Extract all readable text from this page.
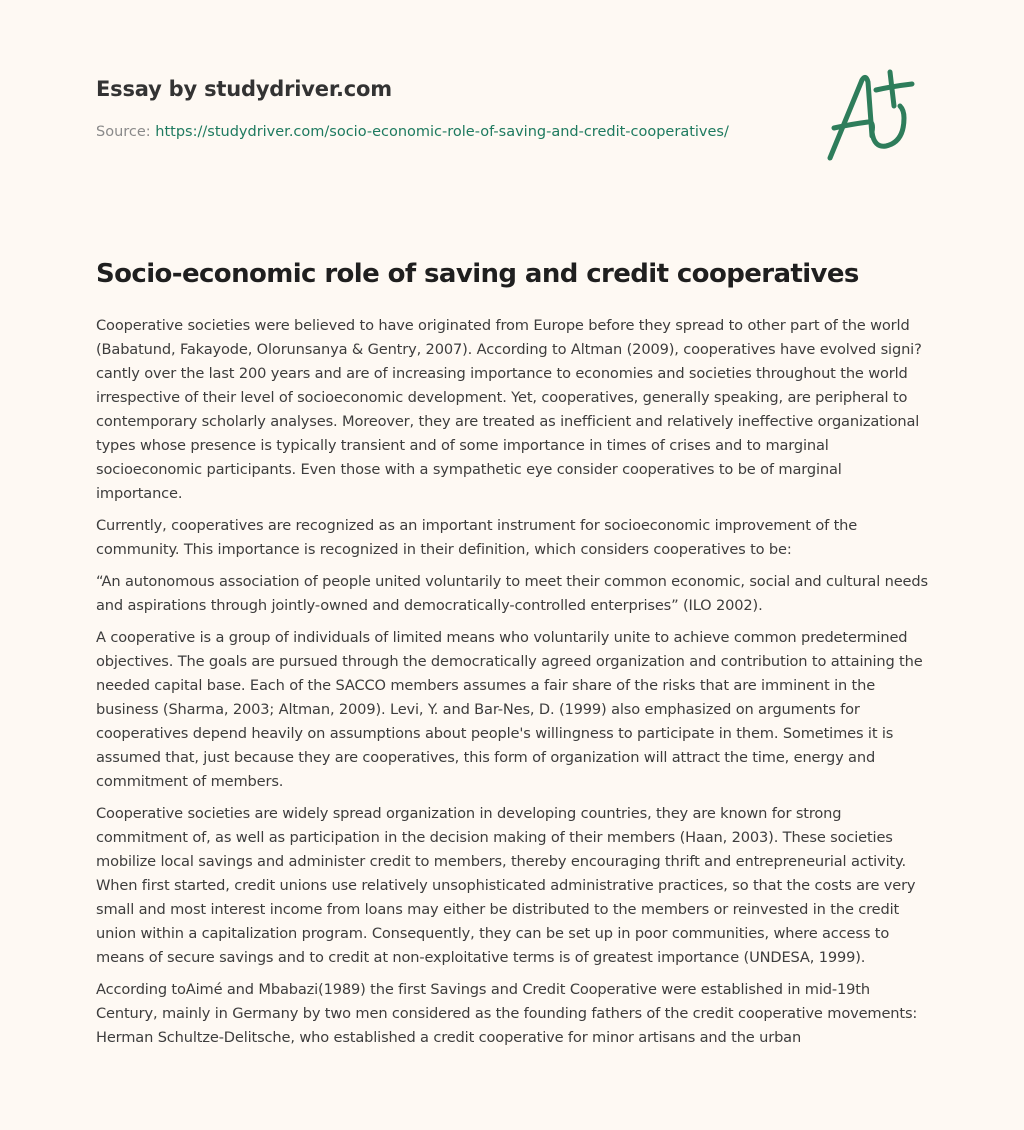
Essay by studydriver.com
Source: https://studydriver.com/socio-economic-role-of-saving-and-credit-cooperatives/
Socio-economic role of saving and credit cooperatives

Cooperative societies were believed to have originated from Europe before they spread to other part of the world (Babatund, Fakayode, Olorunsanya & Gentry, 2007). According to Altman (2009), cooperatives have evolved signi?cantly over the last 200 years and are of increasing importance to economies and societies throughout the world irrespective of their level of socioeconomic development. Yet, cooperatives, generally speaking, are peripheral to contemporary scholarly analyses. Moreover, they are treated as inefficient and relatively ineffective organizational types whose presence is typically transient and of some importance in times of crises and to marginal socioeconomic participants. Even those with a sympathetic eye consider cooperatives to be of marginal importance.

Currently, cooperatives are recognized as an important instrument for socioeconomic improvement of the community. This importance is recognized in their definition, which considers cooperatives to be:

“An autonomous association of people united voluntarily to meet their common economic, social and cultural needs and aspirations through jointly-owned and democratically-controlled enterprises” (ILO 2002).

A cooperative is a group of individuals of limited means who voluntarily unite to achieve common predetermined objectives. The goals are pursued through the democratically agreed organization and contribution to attaining the needed capital base. Each of the SACCO members assumes a fair share of the risks that are imminent in the business (Sharma, 2003; Altman, 2009). Levi, Y. and Bar-Nes, D. (1999) also emphasized on arguments for cooperatives depend heavily on assumptions about people's willingness to participate in them. Sometimes it is assumed that, just because they are cooperatives, this form of organization will attract the time, energy and commitment of members.

Cooperative societies are widely spread organization in developing countries, they are known for strong commitment of, as well as participation in the decision making of their members (Haan, 2003). These societies mobilize local savings and administer credit to members, thereby encouraging thrift and entrepreneurial activity. When first started, credit unions use relatively unsophisticated administrative practices, so that the costs are very small and most interest income from loans may either be distributed to the members or reinvested in the credit union within a capitalization program. Consequently, they can be set up in poor communities, where access to means of secure savings and to credit at non-exploitative terms is of greatest importance (UNDESA, 1999).

According toAimé and Mbabazi(1989) the first Savings and Credit Cooperative were established in mid-19th Century, mainly in Germany by two men considered as the founding fathers of the credit cooperative movements: Herman Schultze-Delitsche, who established a credit cooperative for minor artisans and the urban
